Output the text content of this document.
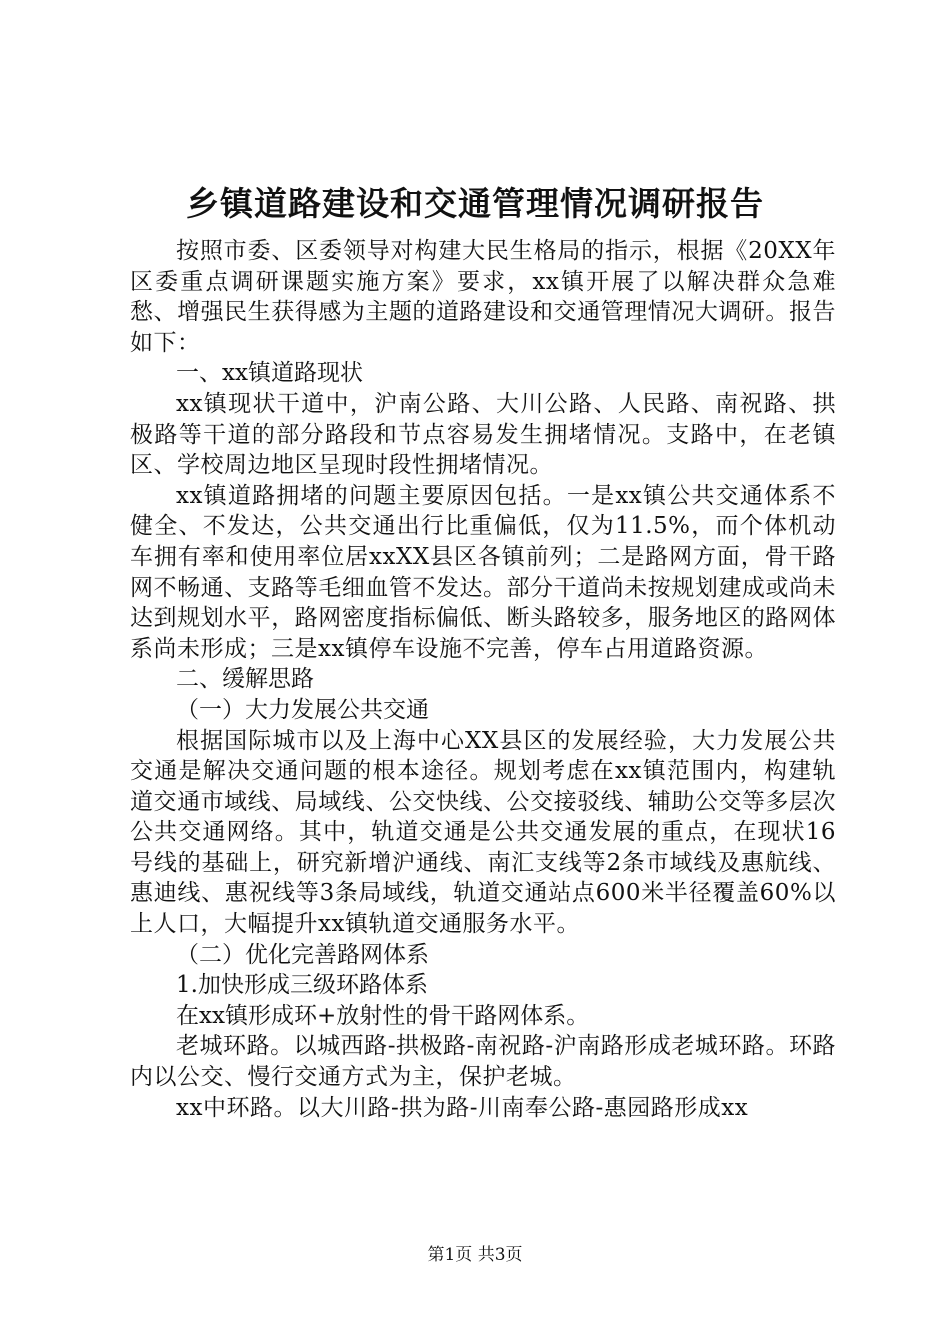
乡镇道路建设和交通管理情况调研报告

按照市委、区委领导对构建大民生格局的指示，根据《20XX年区委重点调研课题实施方案》要求，xx镇开展了以解决群众急难愁、增强民生获得感为主题的道路建设和交通管理情况大调研。报告如下：

一、xx镇道路现状

xx镇现状干道中，沪南公路、大川公路、人民路、南祝路、拱极路等干道的部分路段和节点容易发生拥堵情况。支路中，在老镇区、学校周边地区呈现时段性拥堵情况。

xx镇道路拥堵的问题主要原因包括。一是xx镇公共交通体系不健全、不发达，公共交通出行比重偏低，仅为11.5%，而个体机动车拥有率和使用率位居xxXX县区各镇前列；二是路网方面，骨干路网不畅通、支路等毛细血管不发达。部分干道尚未按规划建成或尚未达到规划水平，路网密度指标偏低、断头路较多，服务地区的路网体系尚未形成；三是xx镇停车设施不完善，停车占用道路资源。

二、缓解思路

（一）大力发展公共交通

根据国际城市以及上海中心XX县区的发展经验，大力发展公共交通是解决交通问题的根本途径。规划考虑在xx镇范围内，构建轨道交通市域线、局域线、公交快线、公交接驳线、辅助公交等多层次公共交通网络。其中，轨道交通是公共交通发展的重点，在现状16号线的基础上，研究新增沪通线、南汇支线等2条市域线及惠航线、惠迪线、惠祝线等3条局域线，轨道交通站点600米半径覆盖60%以上人口，大幅提升xx镇轨道交通服务水平。

（二）优化完善路网体系

1.加快形成三级环路体系

在xx镇形成环+放射性的骨干路网体系。

老城环路。以城西路-拱极路-南祝路-沪南路形成老城环路。环路内以公交、慢行交通方式为主，保护老城。

xx中环路。以大川路-拱为路-川南奉公路-惠园路形成xx

第1页 共3页
